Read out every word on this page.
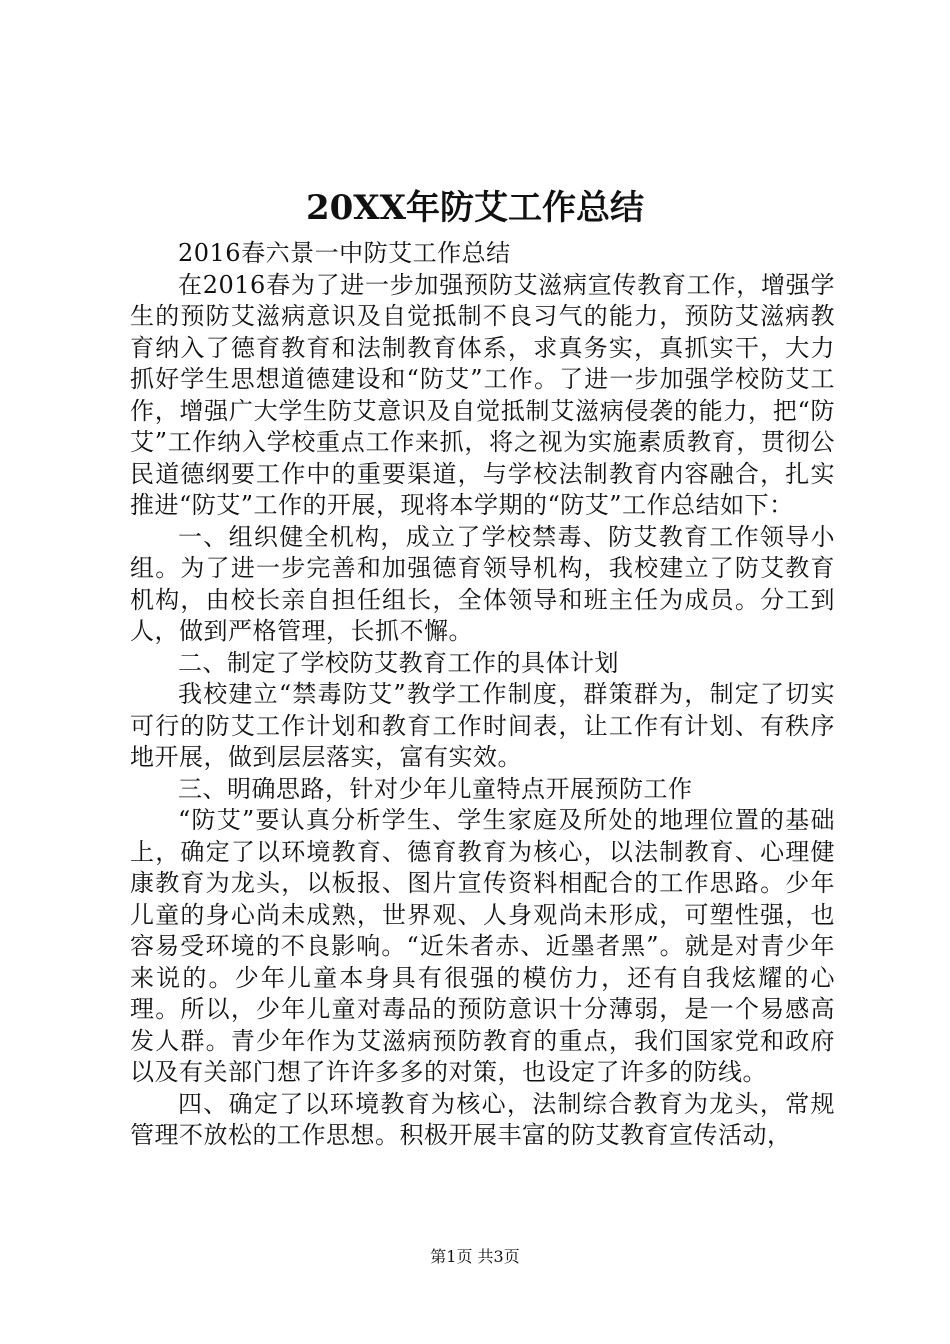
20XX年防艾工作总结

2016春六景一中防艾工作总结

在2016春为了进一步加强预防艾滋病宣传教育工作，增强学生的预防艾滋病意识及自觉抵制不良习气的能力，预防艾滋病教育纳入了德育教育和法制教育体系，求真务实，真抓实干，大力抓好学生思想道德建设和“防艾”工作。了进一步加强学校防艾工作，增强广大学生防艾意识及自觉抵制艾滋病侵袭的能力，把“防艾”工作纳入学校重点工作来抓，将之视为实施素质教育，贯彻公民道德纲要工作中的重要渠道，与学校法制教育内容融合，扎实推进“防艾”工作的开展，现将本学期的“防艾”工作总结如下：

一、组织健全机构，成立了学校禁毒、防艾教育工作领导小组。为了进一步完善和加强德育领导机构，我校建立了防艾教育机构，由校长亲自担任组长，全体领导和班主任为成员。分工到人，做到严格管理，长抓不懈。

二、制定了学校防艾教育工作的具体计划

我校建立“禁毒防艾”教学工作制度，群策群为，制定了切实可行的防艾工作计划和教育工作时间表，让工作有计划、有秩序地开展，做到层层落实，富有实效。

三、明确思路，针对少年儿童特点开展预防工作

“防艾”要认真分析学生、学生家庭及所处的地理位置的基础上，确定了以环境教育、德育教育为核心，以法制教育、心理健康教育为龙头，以板报、图片宣传资料相配合的工作思路。少年儿童的身心尚未成熟，世界观、人身观尚未形成，可塑性强，也容易受环境的不良影响。“近朱者赤、近墨者黑”。就是对青少年来说的。少年儿童本身具有很强的模仿力，还有自我炫耀的心理。所以，少年儿童对毒品的预防意识十分薄弱，是一个易感高发人群。青少年作为艾滋病预防教育的重点，我们国家党和政府以及有关部门想了许许多多的对策，也设定了许多的防线。

四、确定了以环境教育为核心，法制综合教育为龙头，常规管理不放松的工作思想。积极开展丰富的防艾教育宣传活动，

第1页 共3页
